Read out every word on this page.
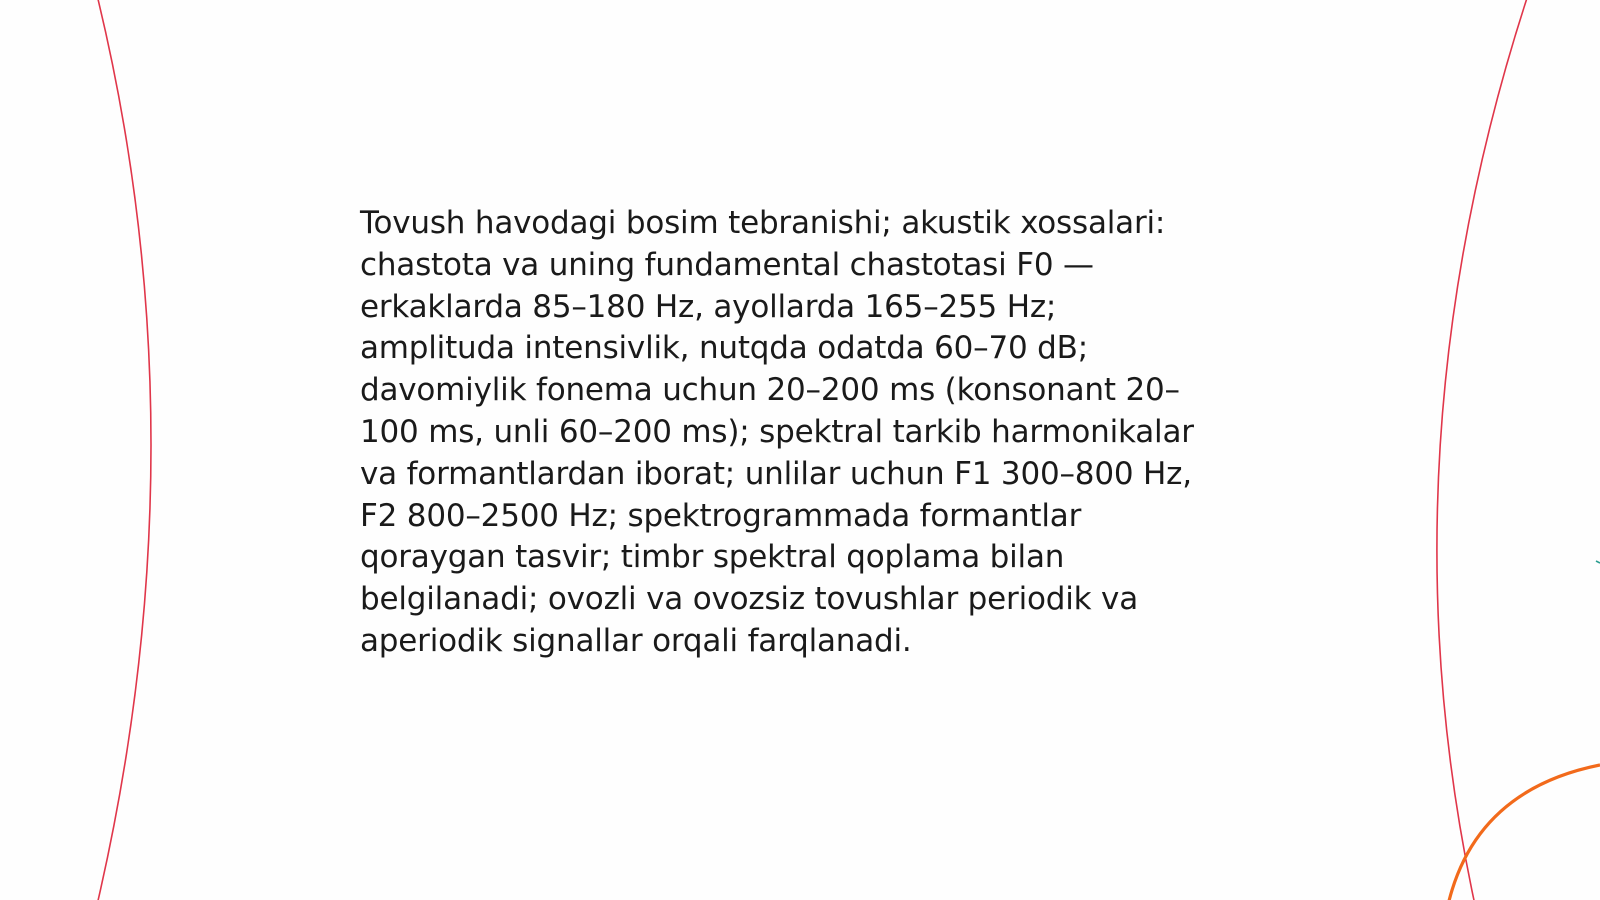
Tovush havodagi bosim tebranishi; akustik xossalari:
chastota va uning fundamental chastotasi F0 —
erkaklarda 85–180 Hz, ayollarda 165–255 Hz;
amplituda intensivlik, nutqda odatda 60–70 dB;
davomiylik fonema uchun 20–200 ms (konsonant 20–
100 ms, unli 60–200 ms); spektral tarkib harmonikalar
va formantlardan iborat; unlilar uchun F1 300–800 Hz,
F2 800–2500 Hz; spektrogrammada formantlar
qoraygan tasvir; timbr spektral qoplama bilan
belgilanadi; ovozli va ovozsiz tovushlar periodik va
aperiodik signallar orqali farqlanadi.
